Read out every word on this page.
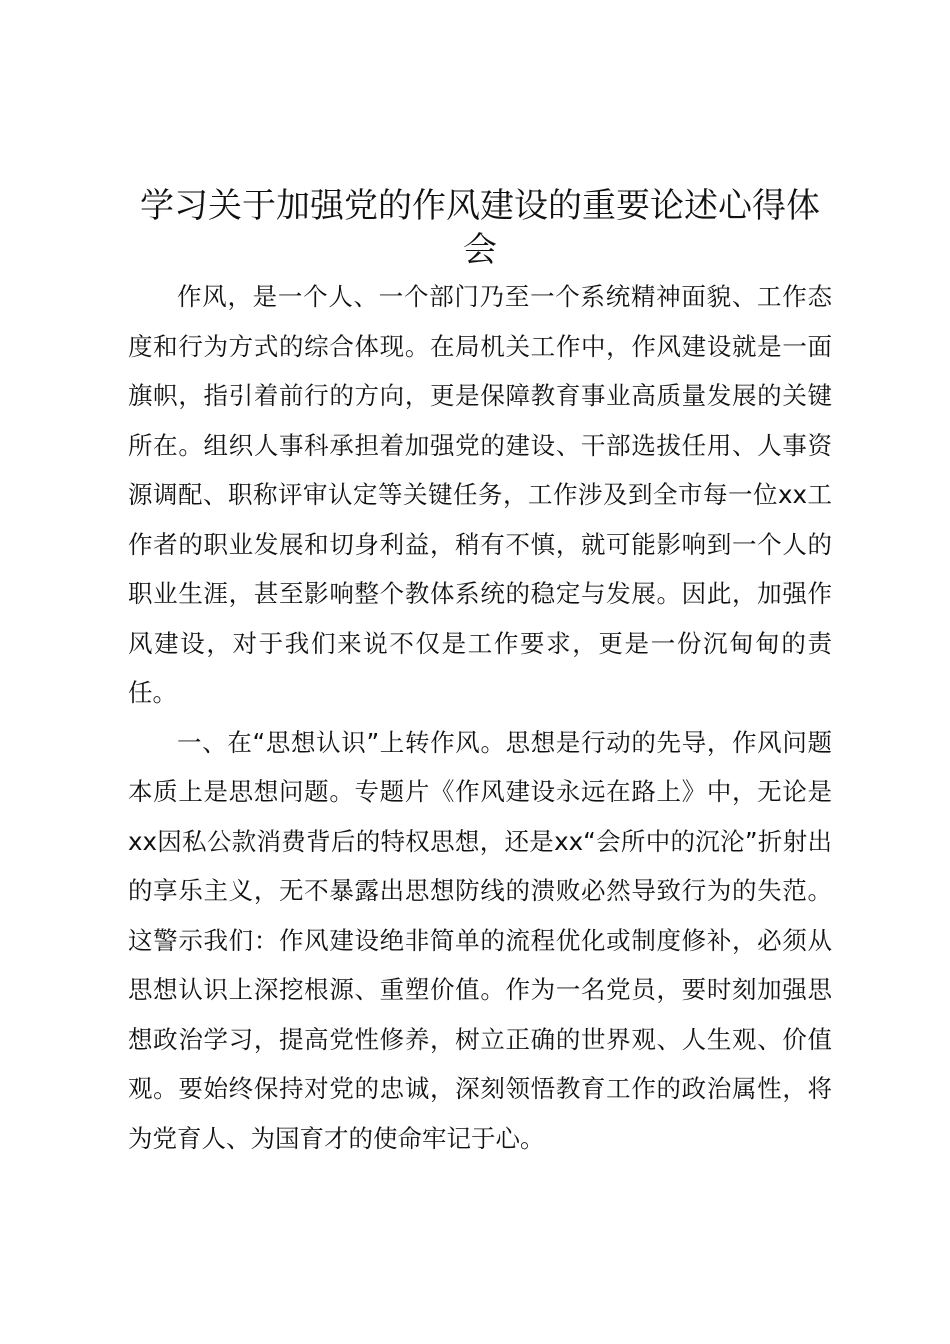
学习关于加强党的作风建设的重要论述心得体会

作风，是一个人、一个部门乃至一个系统精神面貌、工作态度和行为方式的综合体现。在局机关工作中，作风建设就是一面旗帜，指引着前行的方向，更是保障教育事业高质量发展的关键所在。组织人事科承担着加强党的建设、干部选拔任用、人事资源调配、职称评审认定等关键任务，工作涉及到全市每一位xx工作者的职业发展和切身利益，稍有不慎，就可能影响到一个人的职业生涯，甚至影响整个教体系统的稳定与发展。因此，加强作风建设，对于我们来说不仅是工作要求，更是一份沉甸甸的责任。

一、在“思想认识”上转作风。思想是行动的先导，作风问题本质上是思想问题。专题片《作风建设永远在路上》中，无论是xx因私公款消费背后的特权思想，还是xx“会所中的沉沦”折射出的享乐主义，无不暴露出思想防线的溃败必然导致行为的失范。这警示我们：作风建设绝非简单的流程优化或制度修补，必须从思想认识上深挖根源、重塑价值。作为一名党员，要时刻加强思想政治学习，提高党性修养，树立正确的世界观、人生观、价值观。要始终保持对党的忠诚，深刻领悟教育工作的政治属性，将为党育人、为国育才的使命牢记于心。
